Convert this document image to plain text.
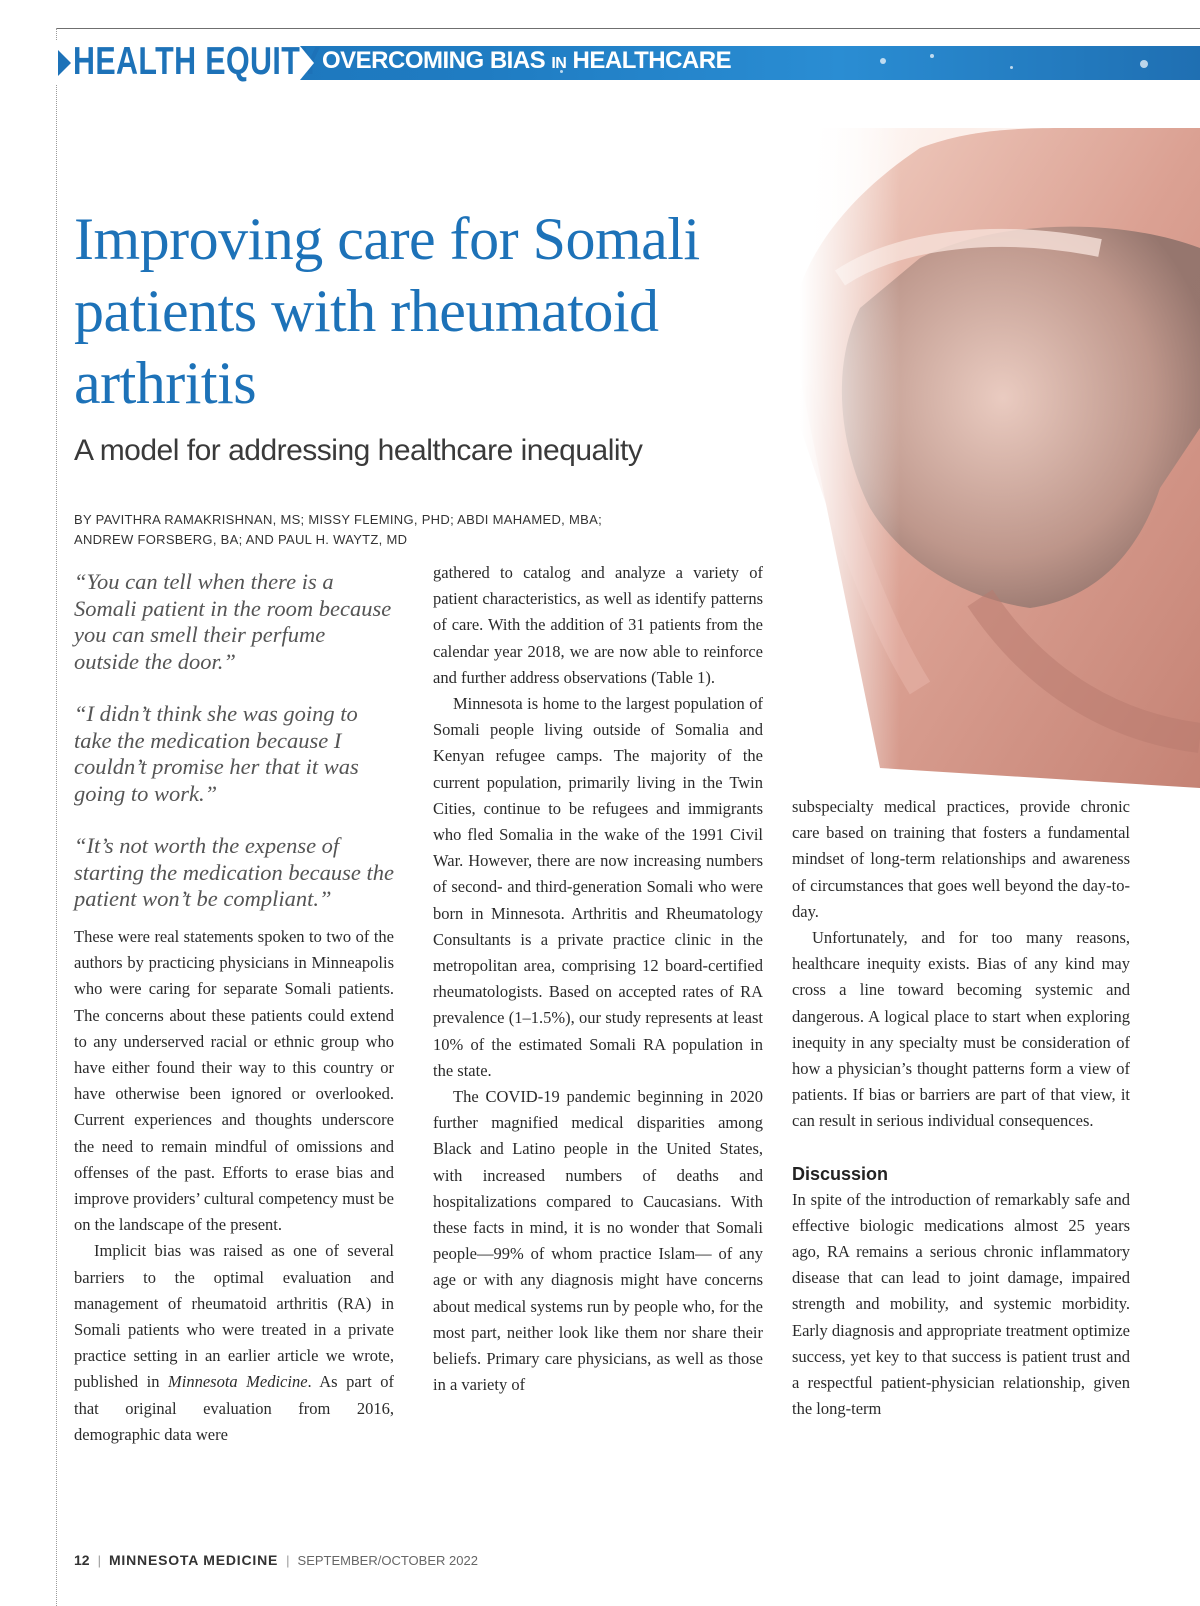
HEALTH EQUITY OVERCOMING BIAS IN HEALTHCARE
Improving care for Somali patients with rheumatoid arthritis
A model for addressing healthcare inequality
BY PAVITHRA RAMAKRISHNAN, MS; MISSY FLEMING, PHD; ABDI MAHAMED, MBA;
ANDREW FORSBERG, BA; AND PAUL H. WAYTZ, MD

“You can tell when there is a Somali patient in the room because you can smell their perfume outside the door.”

“I didn’t think she was going to take the medication because I couldn’t promise her that it was going to work.”

“It’s not worth the expense of starting the medication because the patient won’t be compliant.”

These were real statements spoken to two of the authors by practicing physicians in Minneapolis who were caring for separate Somali patients. The concerns about these patients could extend to any underserved racial or ethnic group who have either found their way to this country or have otherwise been ignored or overlooked. Current experiences and thoughts underscore the need to remain mindful of omissions and offenses of the past. Efforts to erase bias and improve providers’ cultural competency must be on the landscape of the present.

Implicit bias was raised as one of several barriers to the optimal evaluation and management of rheumatoid arthritis (RA) in Somali patients who were treated in a private practice setting in an earlier article we wrote, published in Minnesota Medicine. As part of that original evaluation from 2016, demographic data were

gathered to catalog and analyze a variety of patient characteristics, as well as identify patterns of care. With the addition of 31 patients from the calendar year 2018, we are now able to reinforce and further address observations (Table 1).

Minnesota is home to the largest population of Somali people living outside of Somalia and Kenyan refugee camps. The majority of the current population, primarily living in the Twin Cities, continue to be refugees and immigrants who fled Somalia in the wake of the 1991 Civil War. However, there are now increasing numbers of second- and third-generation Somali who were born in Minnesota. Arthritis and Rheumatology Consultants is a private practice clinic in the metropolitan area, comprising 12 board-certified rheumatologists. Based on accepted rates of RA prevalence (1–1.5%), our study represents at least 10% of the estimated Somali RA population in the state.

The COVID-19 pandemic beginning in 2020 further magnified medical disparities among Black and Latino people in the United States, with increased numbers of deaths and hospitalizations compared to Caucasians. With these facts in mind, it is no wonder that Somali people—99% of whom practice Islam— of any age or with any diagnosis might have concerns about medical systems run by people who, for the most part, neither look like them nor share their beliefs. Primary care physicians, as well as those in a variety of

subspecialty medical practices, provide chronic care based on training that fosters a fundamental mindset of long-term relationships and awareness of circumstances that goes well beyond the day-to-day.

Unfortunately, and for too many reasons, healthcare inequity exists. Bias of any kind may cross a line toward becoming systemic and dangerous. A logical place to start when exploring inequity in any specialty must be consideration of how a physician’s thought patterns form a view of patients. If bias or barriers are part of that view, it can result in serious individual consequences.

Discussion

In spite of the introduction of remarkably safe and effective biologic medications almost 25 years ago, RA remains a serious chronic inflammatory disease that can lead to joint damage, impaired strength and mobility, and systemic morbidity. Early diagnosis and appropriate treatment optimize success, yet key to that success is patient trust and a respectful patient-physician relationship, given the long-term

12 | MINNESOTA MEDICINE | SEPTEMBER/OCTOBER 2022
